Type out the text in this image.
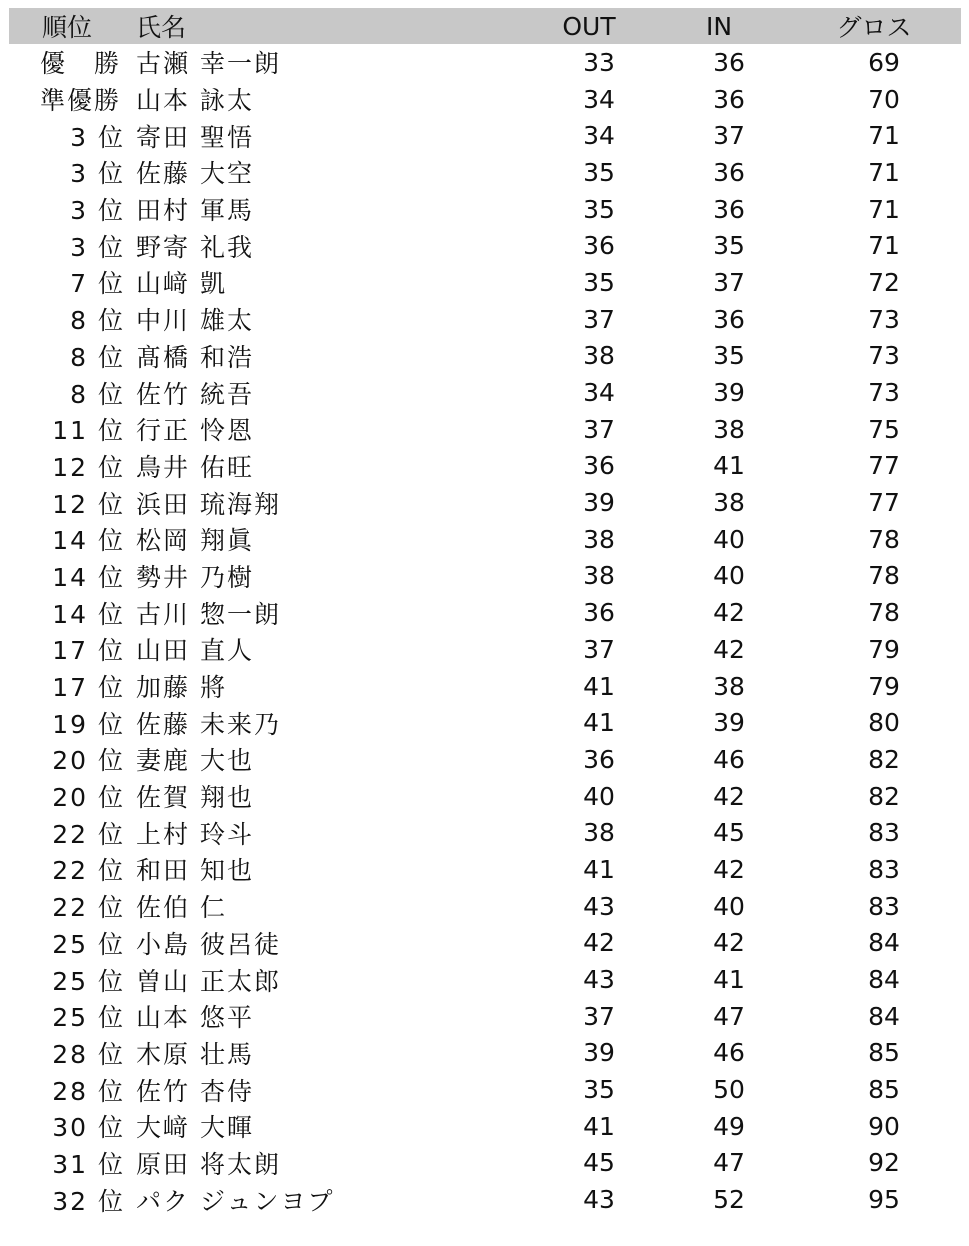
順位 氏名	OUT	IN	グロス
優　勝 古瀬 幸一朗	33	36	69
準優勝 山本 詠太	34	36	70
3 位 寄田 聖悟	34	37	71
3 位 佐藤 大空	35	36	71
3 位 田村 軍馬	35	36	71
3 位 野寄 礼我	36	35	71
7 位 山﨑 凱	35	37	72
8 位 中川 雄太	37	36	73
8 位 髙橋 和浩	38	35	73
8 位 佐竹 統吾	34	39	73
11 位 行正 怜恩	37	38	75
12 位 鳥井 佑旺	36	41	77
12 位 浜田 琉海翔	39	38	77
14 位 松岡 翔眞	38	40	78
14 位 勢井 乃樹	38	40	78
14 位 古川 惣一朗	36	42	78
17 位 山田 直人	37	42	79
17 位 加藤 將	41	38	79
19 位 佐藤 未来乃	41	39	80
20 位 妻鹿 大也	36	46	82
20 位 佐賀 翔也	40	42	82
22 位 上村 玲斗	38	45	83
22 位 和田 知也	41	42	83
22 位 佐伯 仁	43	40	83
25 位 小島 彼呂徒	42	42	84
25 位 曽山 正太郎	43	41	84
25 位 山本 悠平	37	47	84
28 位 木原 壮馬	39	46	85
28 位 佐竹 杏侍	35	50	85
30 位 大﨑 大暉	41	49	90
31 位 原田 将太朗	45	47	92
32 位 パク ジュンヨプ	43	52	95
